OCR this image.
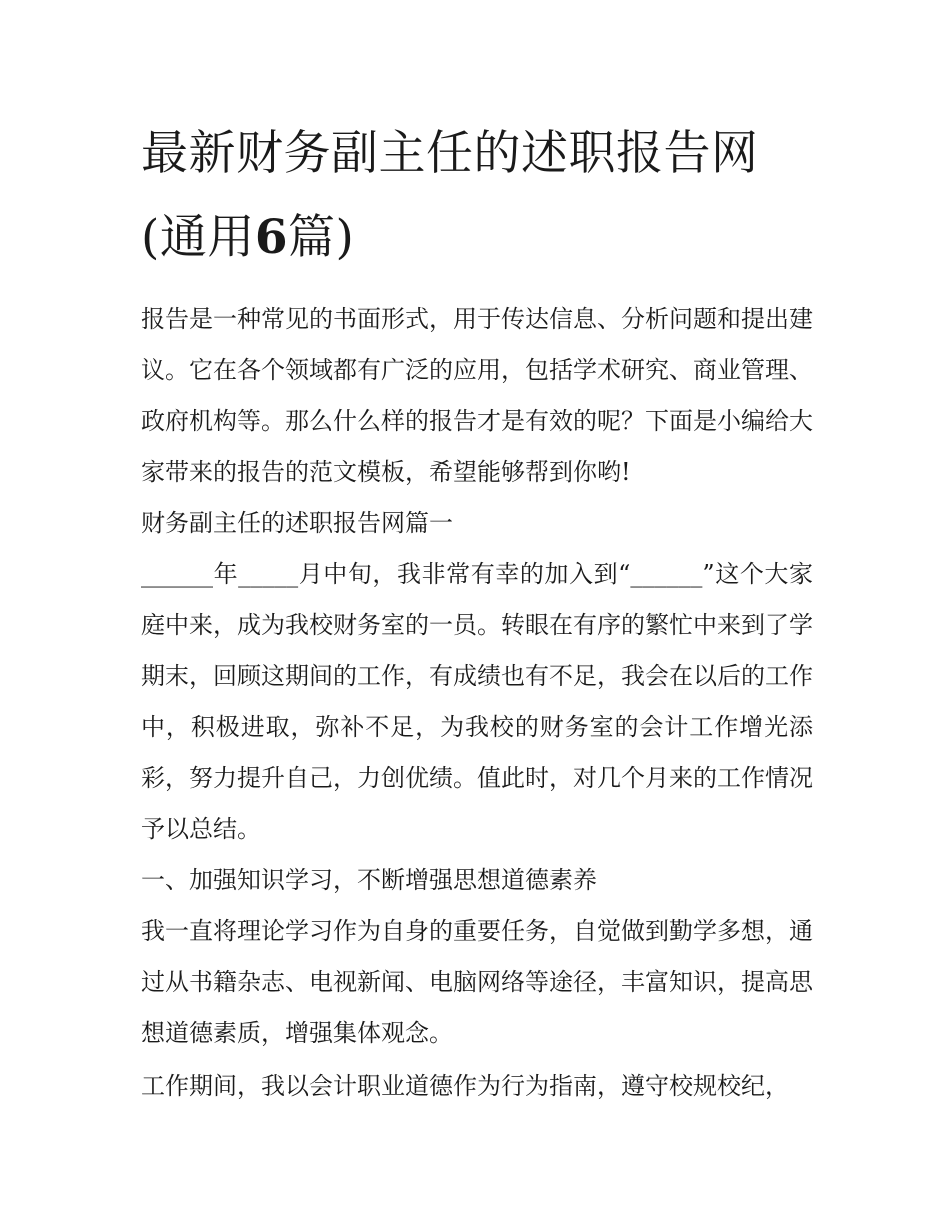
最新财务副主任的述职报告网
(通用6篇)

报告是一种常见的书面形式，用于传达信息、分析问题和提出建议。它在各个领域都有广泛的应用，包括学术研究、商业管理、政府机构等。那么什么样的报告才是有效的呢？下面是小编给大家带来的报告的范文模板，希望能够帮到你哟!

财务副主任的述职报告网篇一

______年_____月中旬，我非常有幸的加入到“______”这个大家庭中来，成为我校财务室的一员。转眼在有序的繁忙中来到了学期末，回顾这期间的工作，有成绩也有不足，我会在以后的工作中，积极进取，弥补不足，为我校的财务室的会计工作增光添彩，努力提升自己，力创优绩。值此时，对几个月来的工作情况予以总结。

一、加强知识学习，不断增强思想道德素养

我一直将理论学习作为自身的重要任务，自觉做到勤学多想，通过从书籍杂志、电视新闻、电脑网络等途径，丰富知识，提高思想道德素质，增强集体观念。

工作期间，我以会计职业道德作为行为指南，遵守校规校纪，
